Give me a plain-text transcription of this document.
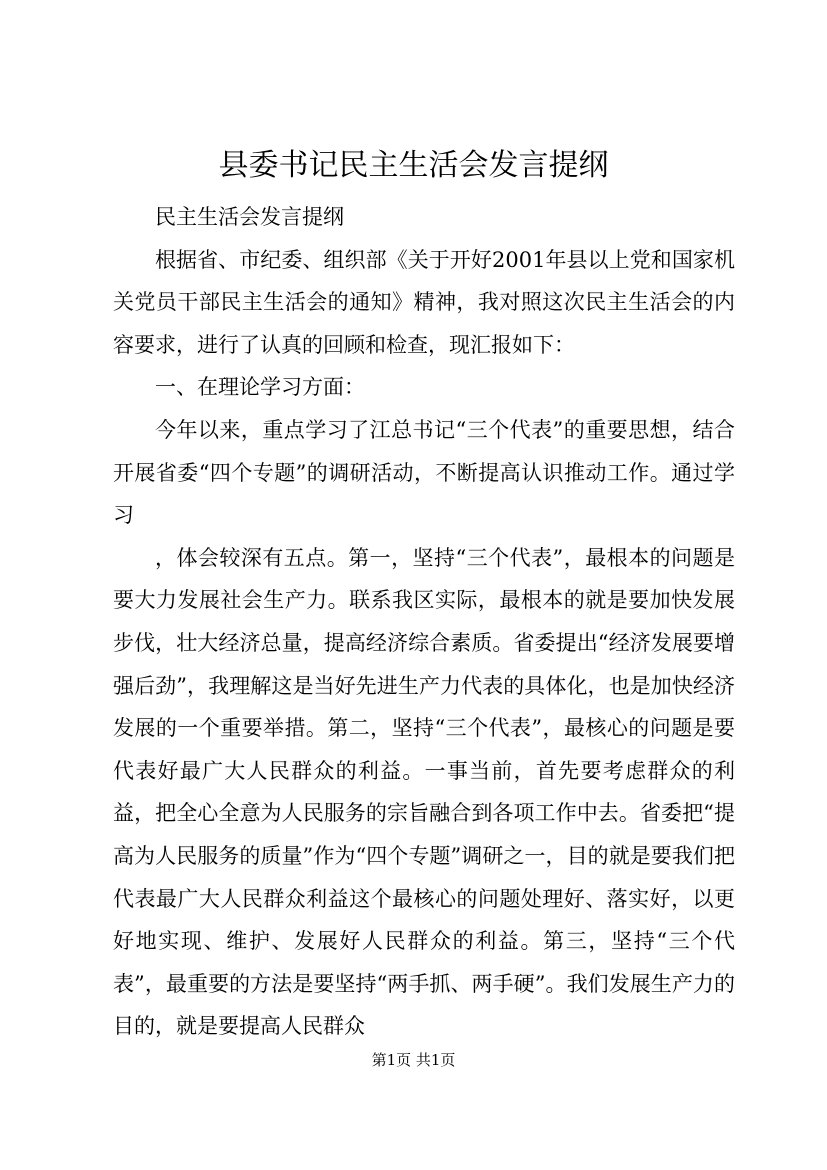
县委书记民主生活会发言提纲

民主生活会发言提纲

根据省、市纪委、组织部《关于开好2001年县以上党和国家机关党员干部民主生活会的通知》精神，我对照这次民主生活会的内容要求，进行了认真的回顾和检查，现汇报如下：

一、在理论学习方面：

今年以来，重点学习了江总书记“三个代表”的重要思想，结合开展省委“四个专题”的调研活动，不断提高认识推动工作。通过学习

，体会较深有五点。第一，坚持“三个代表”，最根本的问题是要大力发展社会生产力。联系我区实际，最根本的就是要加快发展步伐，壮大经济总量，提高经济综合素质。省委提出“经济发展要增强后劲”，我理解这是当好先进生产力代表的具体化，也是加快经济发展的一个重要举措。第二，坚持“三个代表”，最核心的问题是要代表好最广大人民群众的利益。一事当前，首先要考虑群众的利益，把全心全意为人民服务的宗旨融合到各项工作中去。省委把“提高为人民服务的质量”作为“四个专题”调研之一，目的就是要我们把代表最广大人民群众利益这个最核心的问题处理好、落实好，以更好地实现、维护、发展好人民群众的利益。第三，坚持“三个代表”，最重要的方法是要坚持“两手抓、两手硬”。我们发展生产力的目的，就是要提高人民群众

第1页 共1页
